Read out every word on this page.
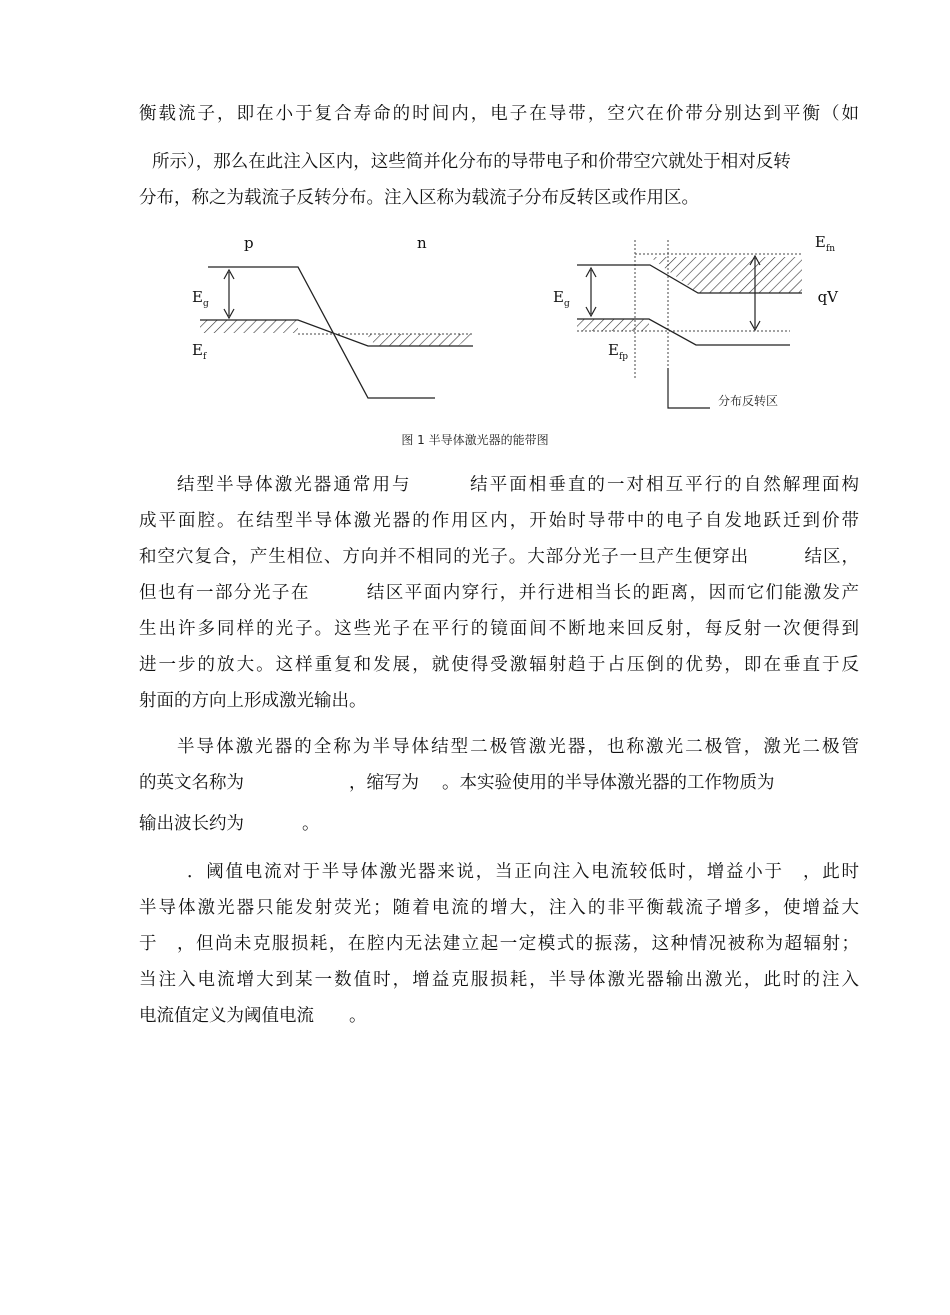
衡载流子，即在小于复合寿命的时间内，电子在导带，空穴在价带分别达到平衡（如
所示），那么在此注入区内，这些简并化分布的导带电子和价带空穴就处于相对反转
分布，称之为载流子反转分布。注入区称为载流子分布反转区或作用区。
p	n
$E_g$
$E_f$
分布反转区
$E_g$
$E_{fp}$
$E_{fn}$
qV
图 1 半导体激光器的能带图
结型半导体激光器通常用与　　　结平面相垂直的一对相互平行的自然解理面构
成平面腔。在结型半导体激光器的作用区内，开始时导带中的电子自发地跃迁到价带
和空穴复合，产生相位、方向并不相同的光子。大部分光子一旦产生便穿出　　　结区，
但也有一部分光子在　　　结区平面内穿行，并行进相当长的距离，因而它们能激发产
生出许多同样的光子。这些光子在平行的镜面间不断地来回反射，每反射一次便得到
进一步的放大。这样重复和发展，就使得受激辐射趋于占压倒的优势，即在垂直于反
射面的方向上形成激光输出。
半导体激光器的全称为半导体结型二极管激光器，也称激光二极管，激光二极管
的英文名称为　　　　　　，缩写为　 。本实验使用的半导体激光器的工作物质为
输出波长约为　　　 。
．阈值电流对于半导体激光器来说，当正向注入电流较低时，增益小于　，此时
半导体激光器只能发射荧光；随着电流的增大，注入的非平衡载流子增多，使增益大
于　，但尚未克服损耗，在腔内无法建立起一定模式的振荡，这种情况被称为超辐射；
当注入电流增大到某一数值时，增益克服损耗，半导体激光器输出激光，此时的注入
电流值定义为阈值电流　　。
